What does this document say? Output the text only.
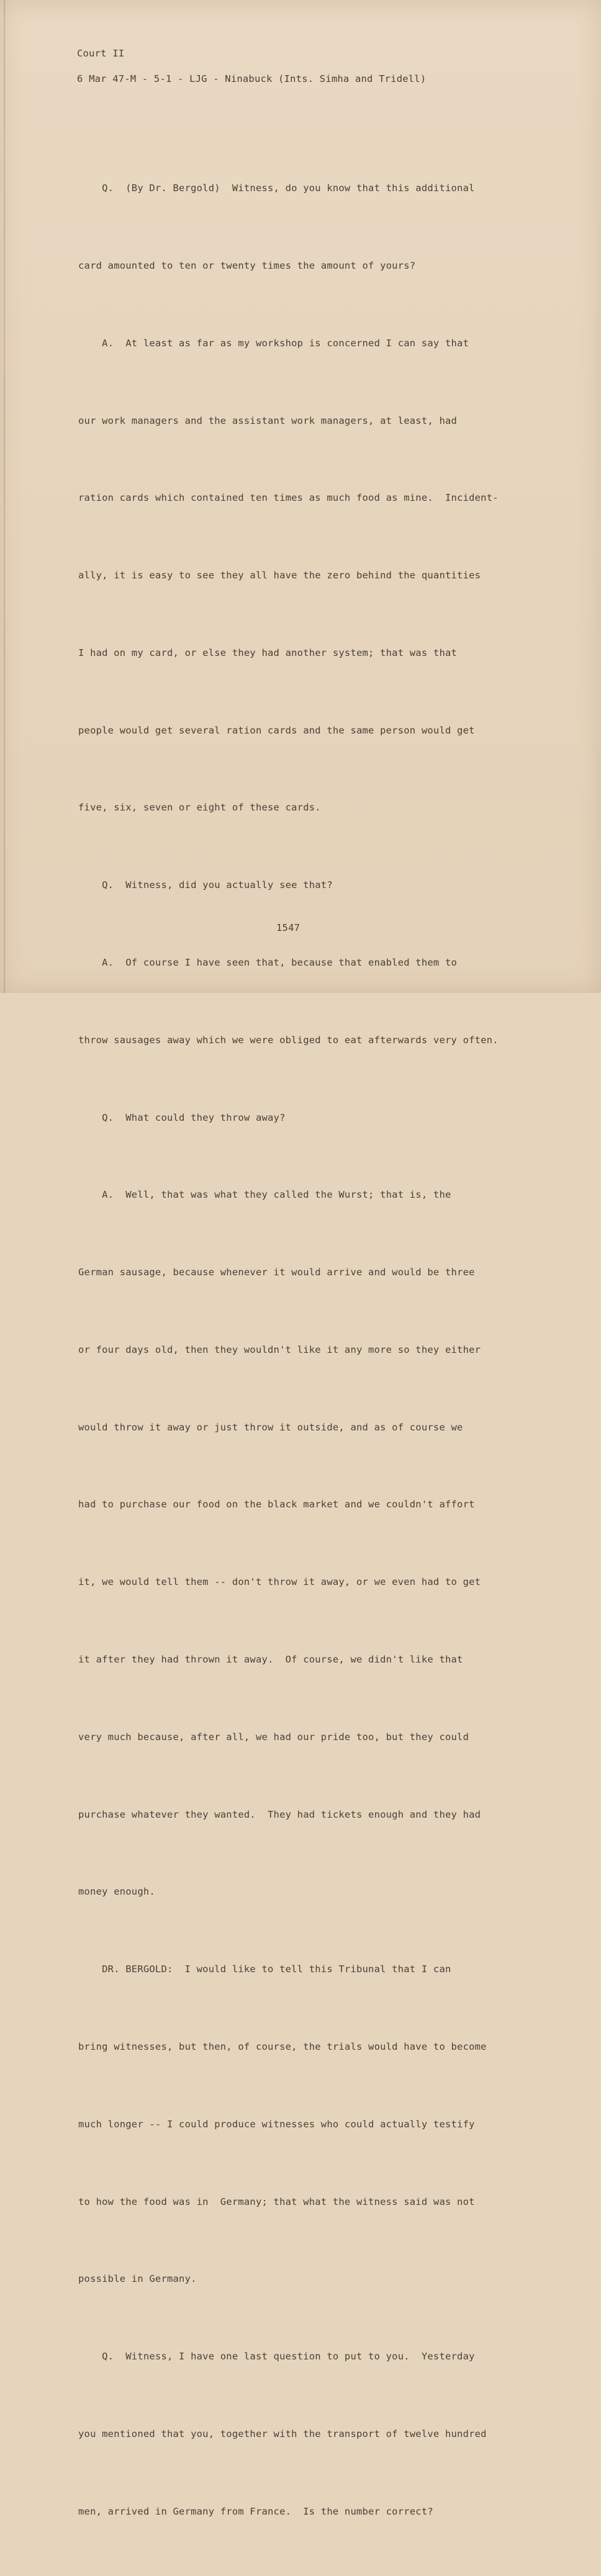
Court II
6 Mar 47-M - 5-1 - LJG - Ninabuck (Ints. Simha and Tridell)

Q.  (By Dr. Bergold)  Witness, do you know that this additional

card amounted to ten or twenty times the amount of yours?

A.  At least as far as my workshop is concerned I can say that

our work managers and the assistant work managers, at least, had

ration cards which contained ten times as much food as mine.  Incident-

ally, it is easy to see they all have the zero behind the quantities

I had on my card, or else they had another system; that was that

people would get several ration cards and the same person would get

five, six, seven or eight of these cards.

Q.  Witness, did you actually see that?

A.  Of course I have seen that, because that enabled them to

throw sausages away which we were obliged to eat afterwards very often.

Q.  What could they throw away?

A.  Well, that was what they called the Wurst; that is, the

German sausage, because whenever it would arrive and would be three

or four days old, then they wouldn't like it any more so they either

would throw it away or just throw it outside, and as of course we

had to purchase our food on the black market and we couldn't affort

it, we would tell them -- don't throw it away, or we even had to get

it after they had thrown it away.  Of course, we didn't like that

very much because, after all, we had our pride too, but they could

purchase whatever they wanted.  They had tickets enough and they had

money enough.

DR. BERGOLD:  I would like to tell this Tribunal that I can

bring witnesses, but then, of course, the trials would have to become

much longer -- I could produce witnesses who could actually testify

to how the food was in  Germany; that what the witness said was not

possible in Germany.

Q.  Witness, I have one last question to put to you.  Yesterday

you mentioned that you, together with the transport of twelve hundred

men, arrived in Germany from France.  Is the number correct?

1547
